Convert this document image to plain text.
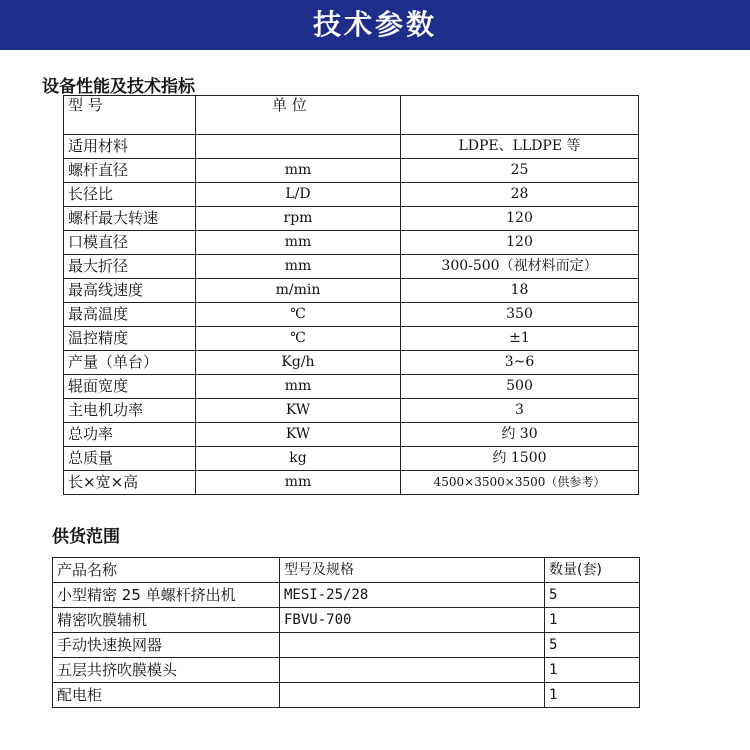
技术参数
设备性能及技术指标
型 号	单 位	
适用材料		LDPE、LLDPE 等
螺杆直径	mm	25
长径比	L/D	28
螺杆最大转速	rpm	120
口模直径	mm	120
最大折径	mm	300-500（视材料而定）
最高线速度	m/min	18
最高温度	℃	350
温控精度	℃	±1
产量（单台）	Kg/h	3~6
辊面宽度	mm	500
主电机功率	KW	3
总功率	KW	约 30
总质量	kg	约 1500
长×宽×高	mm	4500×3500×3500（供参考）
供货范围
产品名称	型号及规格	数量(套)
小型精密 25 单螺杆挤出机	MESI-25/28	5
精密吹膜辅机	FBVU-700	1
手动快速换网器		5
五层共挤吹膜模头		1
配电柜		1
